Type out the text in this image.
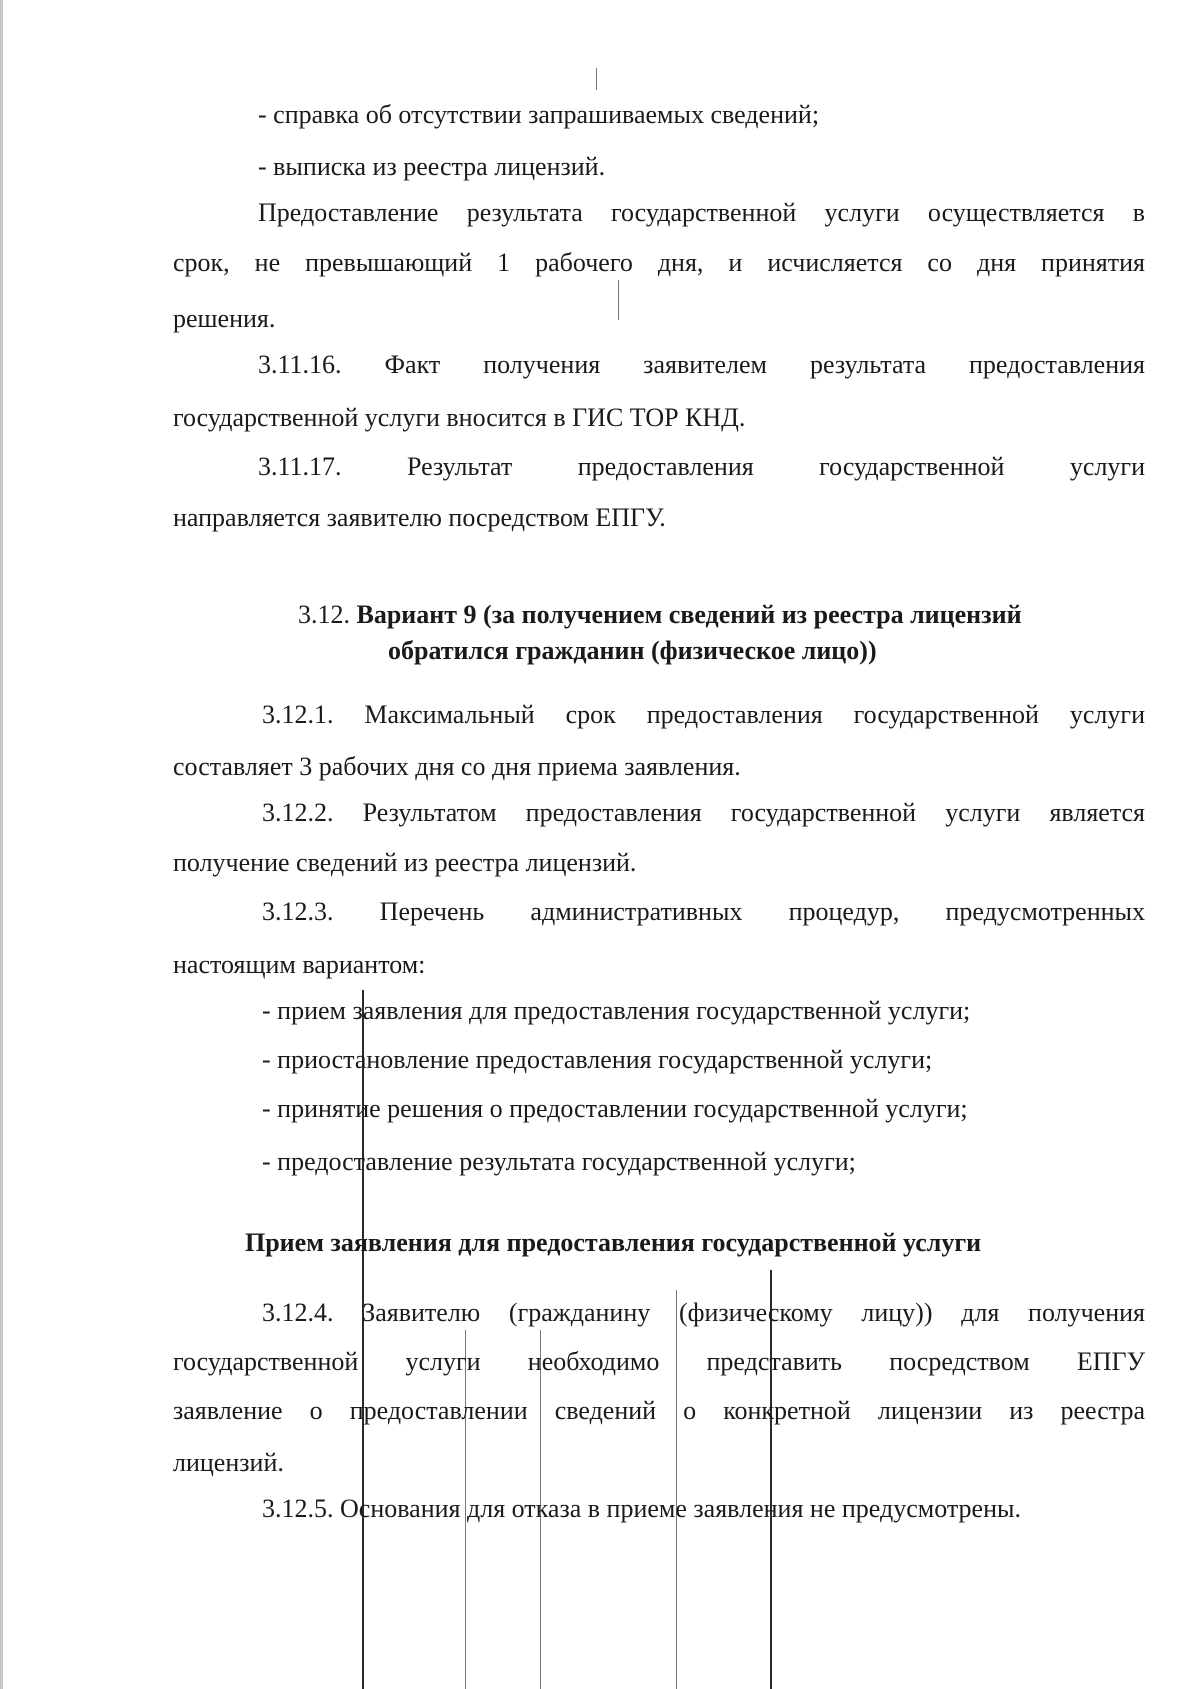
- справка об отсутствии запрашиваемых сведений;

- выписка из реестра лицензий.

Предоставление результата государственной услуги осуществляется в

срок, не превышающий 1 рабочего дня, и исчисляется со дня принятия

решения.

3.11.16. Факт получения заявителем результата предоставления

государственной услуги вносится в ГИС ТОР КНД.

3.11.17. Результат предоставления государственной услуги

направляется заявителю посредством ЕПГУ.

3.12. Вариант 9 (за получением сведений из реестра лицензий

обратился гражданин (физическое лицо))

3.12.1. Максимальный срок предоставления государственной услуги

составляет 3 рабочих дня со дня приема заявления.

3.12.2. Результатом предоставления государственной услуги является

получение сведений из реестра лицензий.

3.12.3. Перечень административных процедур, предусмотренных

настоящим вариантом:

- прием заявления для предоставления государственной услуги;

- приостановление предоставления государственной услуги;

- принятие решения о предоставлении государственной услуги;

- предоставление результата государственной услуги;

Прием заявления для предоставления государственной услуги

3.12.4. Заявителю (гражданину (физическому лицу)) для получения

государственной услуги необходимо представить посредством ЕПГУ

заявление о предоставлении сведений о конкретной лицензии из реестра

лицензий.

3.12.5. Основания для отказа в приеме заявления не предусмотрены.
